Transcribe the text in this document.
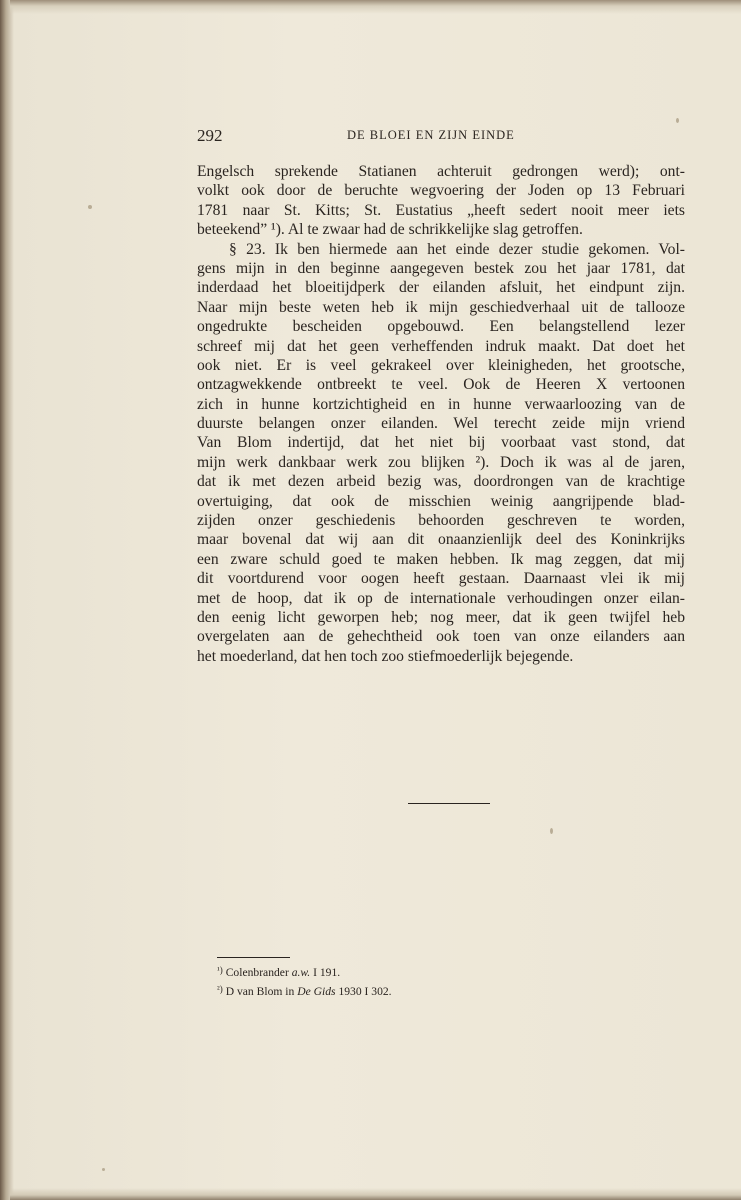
292	DE BLOEI EN ZIJN EINDE
Engelsch sprekende Statianen achteruit gedrongen werd); ont-
volkt ook door de beruchte wegvoering der Joden op 13 Februari
1781 naar St. Kitts; St. Eustatius „heeft sedert nooit meer iets
beteekend” ¹). Al te zwaar had de schrikkelijke slag getroffen.
§ 23. Ik ben hiermede aan het einde dezer studie gekomen. Vol-
gens mijn in den beginne aangegeven bestek zou het jaar 1781, dat
inderdaad het bloeitijdperk der eilanden afsluit, het eindpunt zijn.
Naar mijn beste weten heb ik mijn geschiedverhaal uit de tallooze
ongedrukte bescheiden opgebouwd. Een belangstellend lezer
schreef mij dat het geen verheffenden indruk maakt. Dat doet het
ook niet. Er is veel gekrakeel over kleinigheden, het grootsche,
ontzagwekkende ontbreekt te veel. Ook de Heeren X vertoonen
zich in hunne kortzichtigheid en in hunne verwaarloozing van de
duurste belangen onzer eilanden. Wel terecht zeide mijn vriend
Van Blom indertijd, dat het niet bij voorbaat vast stond, dat
mijn werk dankbaar werk zou blijken ²). Doch ik was al de jaren,
dat ik met dezen arbeid bezig was, doordrongen van de krachtige
overtuiging, dat ook de misschien weinig aangrijpende blad-
zijden onzer geschiedenis behoorden geschreven te worden,
maar bovenal dat wij aan dit onaanzienlijk deel des Koninkrijks
een zware schuld goed te maken hebben. Ik mag zeggen, dat mij
dit voortdurend voor oogen heeft gestaan. Daarnaast vlei ik mij
met de hoop, dat ik op de internationale verhoudingen onzer eilan-
den eenig licht geworpen heb; nog meer, dat ik geen twijfel heb
overgelaten aan de gehechtheid ook toen van onze eilanders aan
het moederland, dat hen toch zoo stiefmoederlijk bejegende.
$^{^1)}$ Colenbrander a.w. I 191.
$^{^2)}$ D van Blom in De Gids 1930 I 302.
